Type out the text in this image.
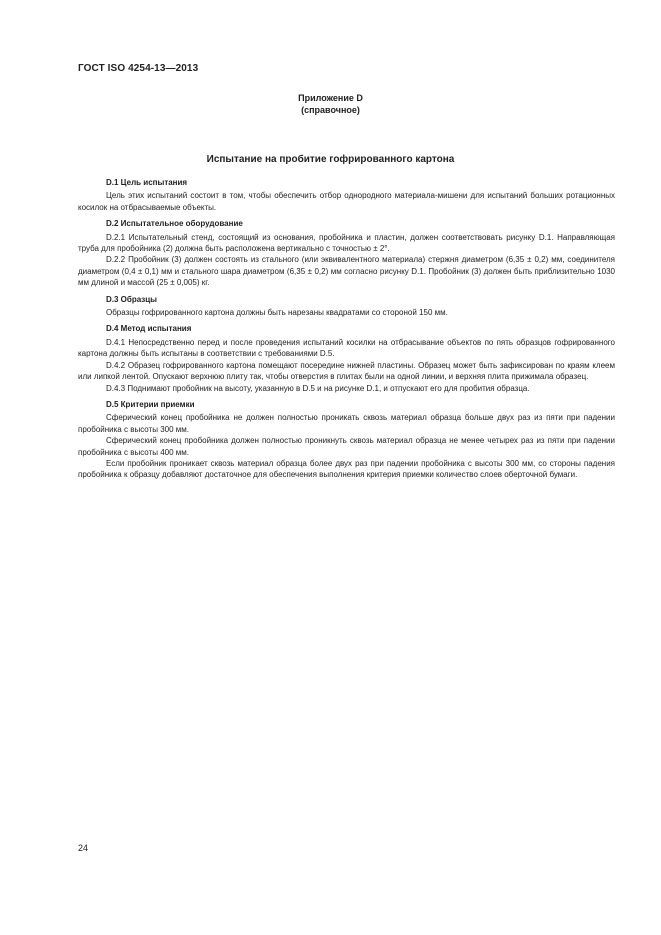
ГОСТ ISO 4254-13—2013
Приложение D
(справочное)
Испытание на пробитие гофрированного картона
D.1 Цель испытания

Цель этих испытаний состоит в том, чтобы обеспечить отбор однородного материала-мишени для испытаний больших ротационных косилок на отбрасываемые объекты.

D.2 Испытательное оборудование

D.2.1 Испытательный стенд, состоящий из основания, пробойника и пластин, должен соответствовать рисунку D.1. Направляющая труба для пробойника (2) должна быть расположена вертикально с точностью ± 2°.

D.2.2 Пробойник (3) должен состоять из стального (или эквивалентного материала) стержня диаметром (6,35 ± 0,2) мм, соединителя диаметром (0,4 ± 0,1) мм и стального шара диаметром (6,35 ± 0,2) мм согласно рисунку D.1. Пробойник (3) должен быть приблизительно 1030 мм длиной и массой (25 ± 0,005) кг.

D.3 Образцы

Образцы гофрированного картона должны быть нарезаны квадратами со стороной 150 мм.

D.4 Метод испытания

D.4.1 Непосредственно перед и после проведения испытаний косилки на отбрасывание объектов по пять образцов гофрированного картона должны быть испытаны в соответствии с требованиями D.5.

D.4.2 Образец гофрированного картона помещают посередине нижней пластины. Образец может быть зафиксирован по краям клеем или липкой лентой. Опускают верхнюю плиту так, чтобы отверстия в плитах были на одной линии, и верхняя плита прижимала образец.

D.4.3 Поднимают пробойник на высоту, указанную в D.5 и на рисунке D.1, и отпускают его для пробития образца.

D.5 Критерии приемки

Сферический конец пробойника не должен полностью проникать сквозь материал образца больше двух раз из пяти при падении пробойника с высоты 300 мм.

Сферический конец пробойника должен полностью проникнуть сквозь материал образца не менее четырех раз из пяти при падении пробойника с высоты 400 мм.

Если пробойник проникает сквозь материал образца более двух раз при падении пробойника с высоты 300 мм, со стороны падения пробойника к образцу добавляют достаточное для обеспечения выполнения критерия приемки количество слоев оберточной бумаги.

24
